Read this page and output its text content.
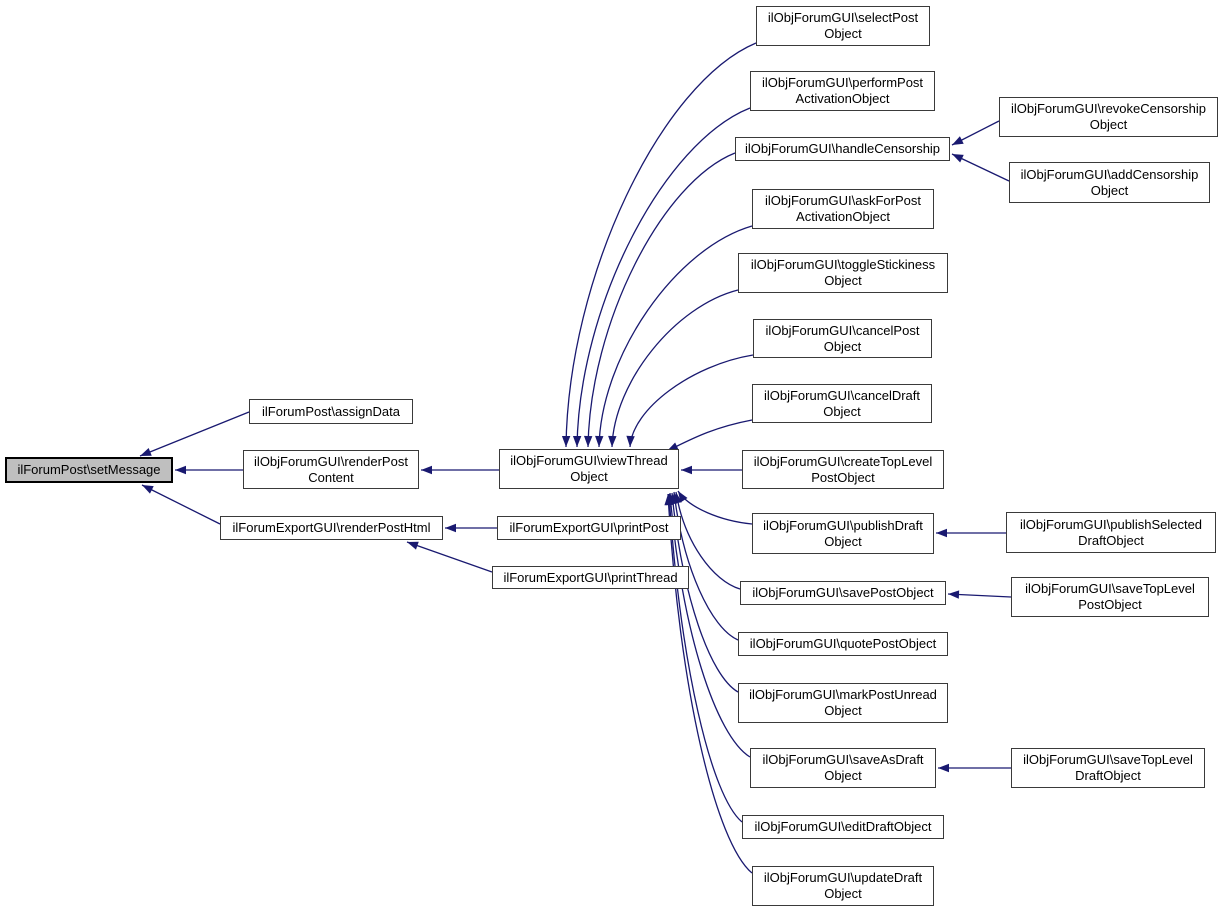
ilForumPost\setMessage
ilForumPost\assignData
ilObjForumGUI\renderPost
Content
ilForumExportGUI\renderPostHtml
ilObjForumGUI\viewThread
Object
ilForumExportGUI\printPost
ilForumExportGUI\printThread
ilObjForumGUI\selectPost
Object
ilObjForumGUI\performPost
ActivationObject
ilObjForumGUI\handleCensorship
ilObjForumGUI\askForPost
ActivationObject
ilObjForumGUI\toggleStickiness
Object
ilObjForumGUI\cancelPost
Object
ilObjForumGUI\cancelDraft
Object
ilObjForumGUI\createTopLevel
PostObject
ilObjForumGUI\publishDraft
Object
ilObjForumGUI\savePostObject
ilObjForumGUI\quotePostObject
ilObjForumGUI\markPostUnread
Object
ilObjForumGUI\saveAsDraft
Object
ilObjForumGUI\editDraftObject
ilObjForumGUI\updateDraft
Object
ilObjForumGUI\revokeCensorship
Object
ilObjForumGUI\addCensorship
Object
ilObjForumGUI\publishSelected
DraftObject
ilObjForumGUI\saveTopLevel
PostObject
ilObjForumGUI\saveTopLevel
DraftObject
